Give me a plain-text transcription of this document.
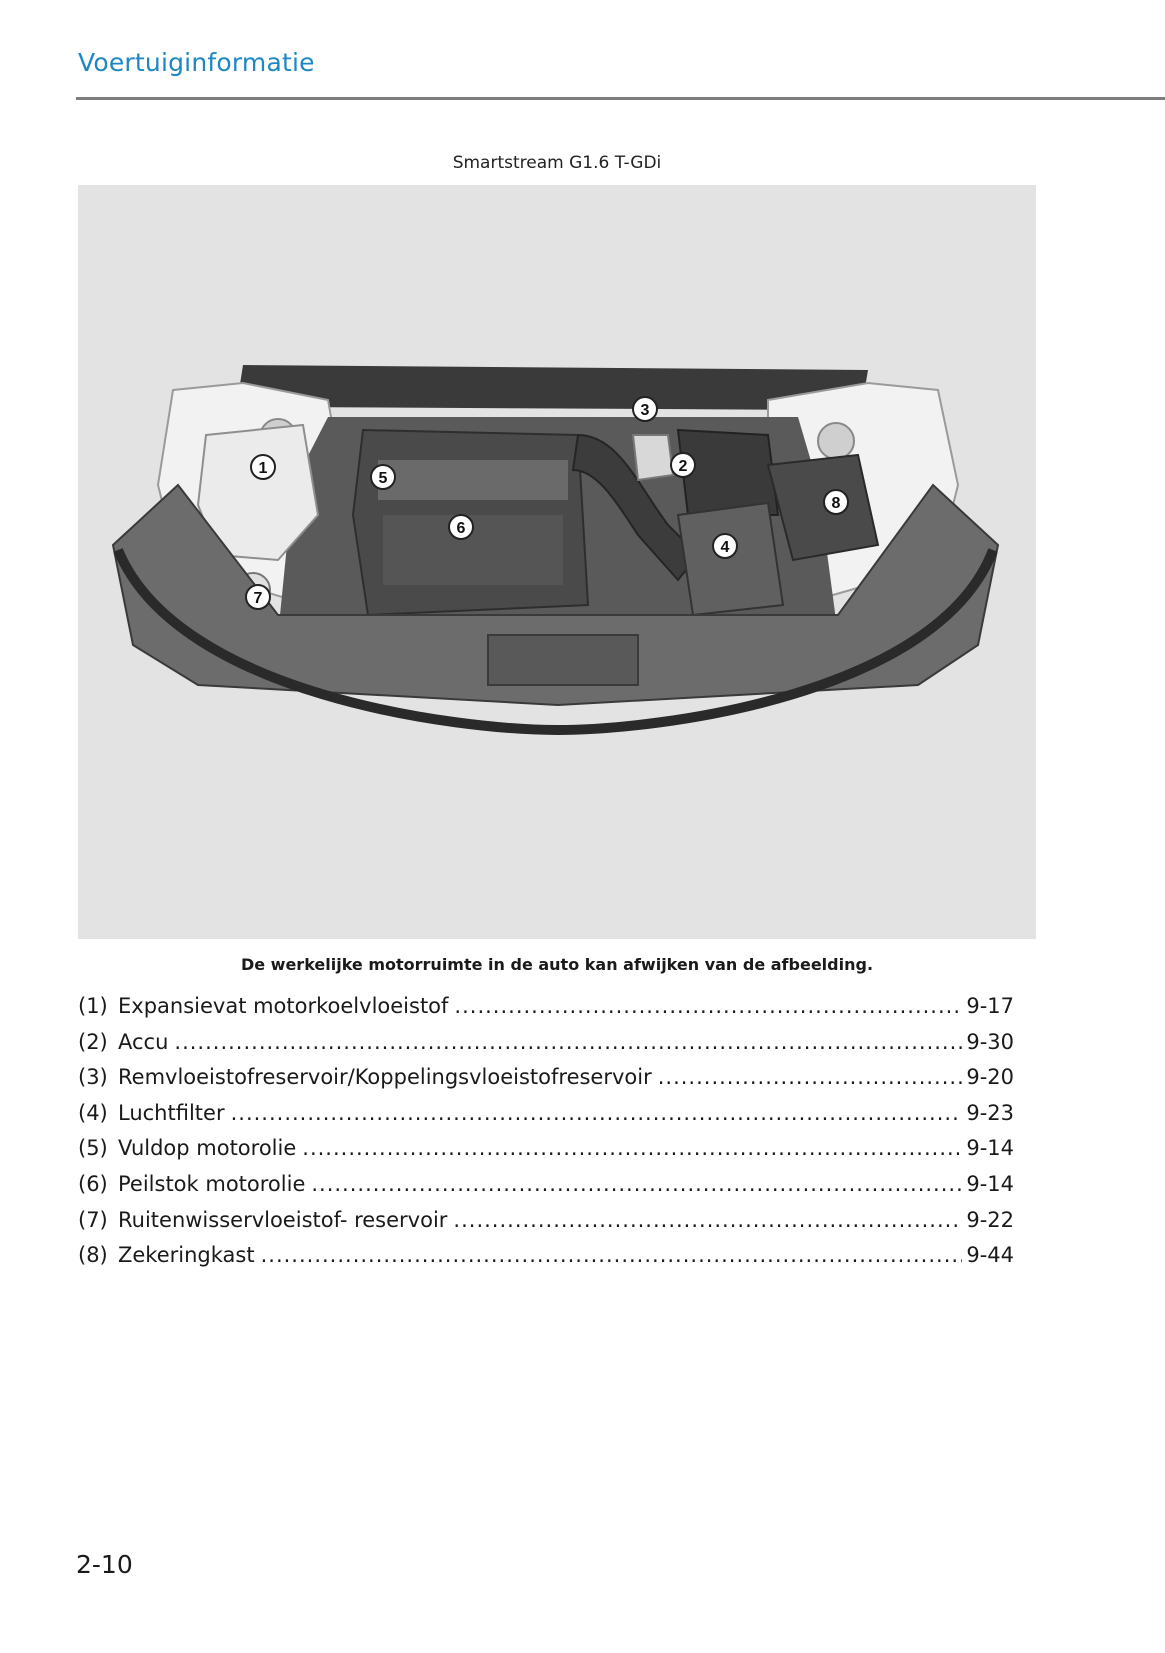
Voertuiginformatie
Smartstream G1.6 T-GDi
1	2
3
4
5
6
7
8
De werkelijke motorruimte in de auto kan afwijken van de afbeelding.
(1) Expansievat motorkoelvloeistof .....	9-17
(2) Accu .....	9-30
(3) Remvloeistofreservoir/Koppelingsvloeistofreservoir .....	9-20
(4) Luchtfilter .....	9-23
(5) Vuldop motorolie .....	9-14
(6) Peilstok motorolie .....	9-14
(7) Ruitenwisservloeistof- reservoir .....	9-22
(8) Zekeringkast .....	9-44
2-10
